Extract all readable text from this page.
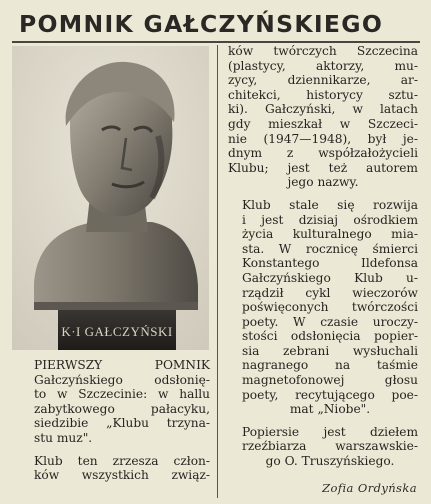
POMNIK GAŁCZYŃSKIEGO
K·I GAŁCZYŃSKI

PIERWSZY POMNIK
Gałczyńskiego odsłonię-
to w Szczecinie: w hallu
zabytkowego pałacyku,
siedzibie „Klubu trzyna-
stu muz".

Klub ten zrzesza człon-
ków wszystkich związ-

ków twórczych Szczecina
(plastycy, aktorzy, mu-
zycy, dziennikarze, ar-
chitekci, historycy sztu-
ki). Gałczyński, w latach
gdy mieszkał w Szczeci-
nie (1947—1948), był je-
dnym z współzałożycieli
Klubu; jest też autorem
jego nazwy.

Klub stale się rozwija
i jest dzisiaj ośrodkiem
życia kulturalnego mia-
sta. W rocznicę śmierci
Konstantego Ildefonsa
Gałczyńskiego Klub u-
rządził cykl wieczorów
poświęconych twórczości
poety. W czasie uroczy-
stości odsłonięcia popier-
sia zebrani wysłuchali
nagranego na taśmie
magnetofonowej głosu
poety, recytującego poe-
mat „Niobe".

Popiersie jest dziełem
rzeźbiarza warszawskie-
go O. Truszyńskiego.

Zofia Ordyńska
